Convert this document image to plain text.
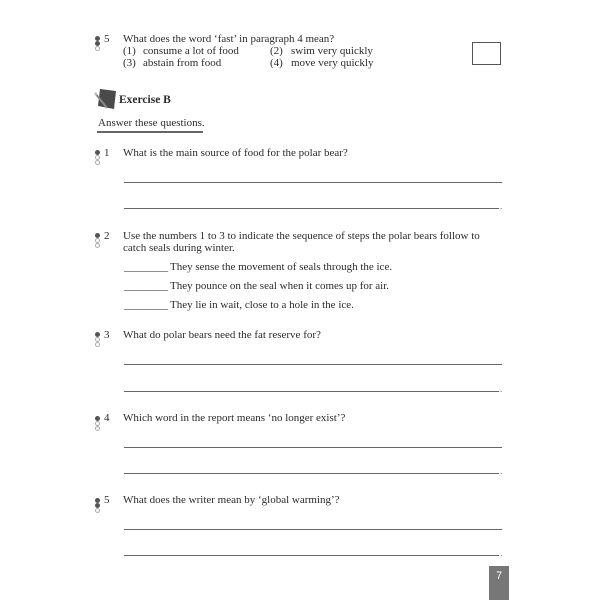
5 What does the word ‘fast’ in paragraph 4 mean?
(1) consume a lot of food	(2) swim very quickly
(3) abstain from food	(4) move very quickly
Exercise B
Answer these questions.
1 What is the main source of food for the polar bear?
.
2 Use the numbers 1 to 3 to indicate the sequence of steps the polar bears follow to
catch seals during winter.
________ They sense the movement of seals through the ice.
________ They pounce on the seal when it comes up for air.
________ They lie in wait, close to a hole in the ice.
3 What do polar bears need the fat reserve for?
.
4 Which word in the report means ‘no longer exist’?
.
5 What does the writer mean by ‘global warming’?
.
7
